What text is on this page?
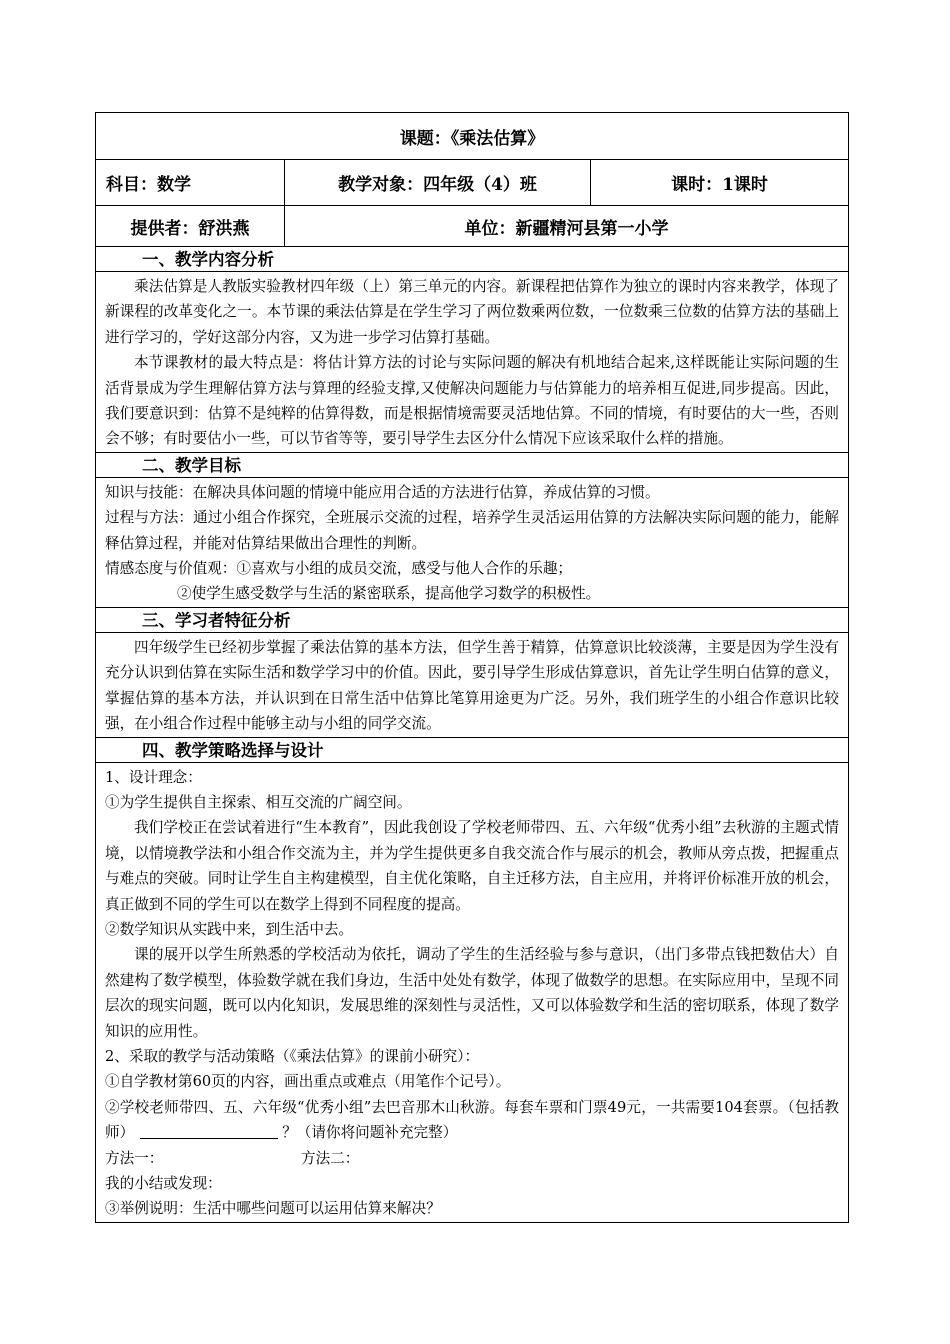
课题：《乘法估算》
科目：数学	教学对象：四年级（4）班	课时：1课时
提供者：舒洪燕	单位：新疆精河县第一小学
一、教学内容分析

乘法估算是人教版实验教材四年级（上）第三单元的内容。新课程把估算作为独立的课时内容来教学，体现了新课程的改革变化之一。本节课的乘法估算是在学生学习了两位数乘两位数，一位数乘三位数的估算方法的基础上进行学习的，学好这部分内容，又为进一步学习估算打基础。

本节课教材的最大特点是：将估计算方法的讨论与实际问题的解决有机地结合起来,这样既能让实际问题的生活背景成为学生理解估算方法与算理的经验支撑,又使解决问题能力与估算能力的培养相互促进,同步提高。因此，我们要意识到：估算不是纯粹的估算得数，而是根据情境需要灵活地估算。不同的情境，有时要估的大一些，否则会不够；有时要估小一些，可以节省等等，要引导学生去区分什么情况下应该采取什么样的措施。

二、教学目标

知识与技能：在解决具体问题的情境中能应用合适的方法进行估算，养成估算的习惯。

过程与方法：通过小组合作探究，全班展示交流的过程，培养学生灵活运用估算的方法解决实际问题的能力，能解释估算过程，并能对估算结果做出合理性的判断。

情感态度与价值观：①喜欢与小组的成员交流，感受与他人合作的乐趣；

②使学生感受数学与生活的紧密联系，提高他学习数学的积极性。

三、学习者特征分析

四年级学生已经初步掌握了乘法估算的基本方法，但学生善于精算，估算意识比较淡薄，主要是因为学生没有充分认识到估算在实际生活和数学学习中的价值。因此，要引导学生形成估算意识，首先让学生明白估算的意义，掌握估算的基本方法，并认识到在日常生活中估算比笔算用途更为广泛。另外，我们班学生的小组合作意识比较强，在小组合作过程中能够主动与小组的同学交流。

四、教学策略选择与设计

1、设计理念：

①为学生提供自主探索、相互交流的广阔空间。

我们学校正在尝试着进行“生本教育”，因此我创设了学校老师带四、五、六年级“优秀小组”去秋游的主题式情境，以情境教学法和小组合作交流为主，并为学生提供更多自我交流合作与展示的机会，教师从旁点拨，把握重点与难点的突破。同时让学生自主构建模型，自主优化策略，自主迁移方法，自主应用，并将评价标准开放的机会，真正做到不同的学生可以在数学上得到不同程度的提高。

②数学知识从实践中来，到生活中去。

课的展开以学生所熟悉的学校活动为依托，调动了学生的生活经验与参与意识，（出门多带点钱把数估大）自然建构了数学模型，体验数学就在我们身边，生活中处处有数学，体现了做数学的思想。在实际应用中，呈现不同层次的现实问题，既可以内化知识，发展思维的深刻性与灵活性，又可以体验数学和生活的密切联系，体现了数学知识的应用性。

2、采取的教学与活动策略（《乘法估算》的课前小研究）：

①自学教材第60页的内容，画出重点或难点（用笔作个记号）。

②学校老师带四、五、六年级“优秀小组”去巴音那木山秋游。每套车票和门票49元，一共需要104套票。（包括教师）	？（请你将问题补充完整）

方法一：	方法二：

我的小结或发现：

③举例说明：生活中哪些问题可以运用估算来解决？
